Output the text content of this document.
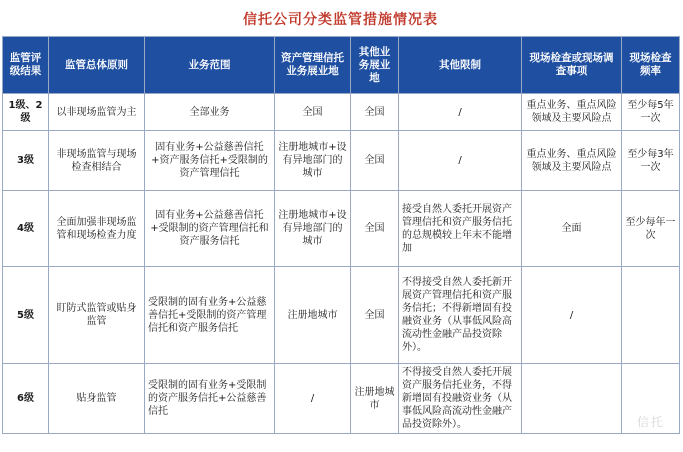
信托公司分类监管措施情况表
监管评级结果	监管总体原则	业务范围	资产管理信托业务展业地	其他业务展业地	其他限制	现场检查或现场调查事项	现场检查频率
1级、2级	以非现场监管为主	全部业务	全国	全国	/	重点业务、重点风险领域及主要风险点	至少每5年一次
3级	非现场监管与现场检查相结合	固有业务+公益慈善信托+资产服务信托+受限制的资产管理信托	注册地城市+设有异地部门的城市	全国	/	重点业务、重点风险领域及主要风险点	至少每3年一次
4级	全面加强非现场监管和现场检查力度	固有业务+公益慈善信托+受限制的资产管理信托和资产服务信托	注册地城市+设有异地部门的城市	全国	接受自然人委托开展资产管理信托和资产服务信托的总规模较上年末不能增加	全面	至少每年一次
5级	盯防式监管或贴身监管	受限制的固有业务+公益慈善信托+受限制的资产管理信托和资产服务信托	注册地城市	全国	不得接受自然人委托新开展资产管理信托和资产服务信托；不得新增固有投融资业务（从事低风险高流动性金融产品投资除外）。	/	
6级	贴身监管	受限制的固有业务+受限制的资产服务信托+公益慈善信托	/	注册地城市	不得接受自然人委托开展资产服务信托业务，不得新增固有投融资业务（从事低风险高流动性金融产品投资除外）。			信托
